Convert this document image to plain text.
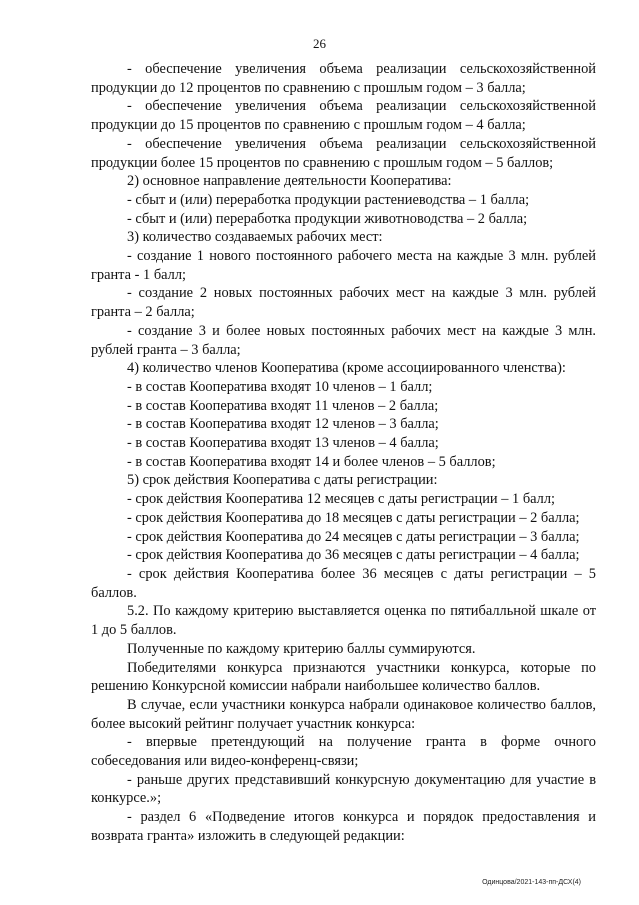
26

- обеспечение увеличения объема реализации сельскохозяйственной продукции до 12 процентов по сравнению с прошлым годом – 3 балла;

- обеспечение увеличения объема реализации сельскохозяйственной продукции до 15 процентов по сравнению с прошлым годом – 4 балла;

- обеспечение увеличения объема реализации сельскохозяйственной продукции более 15 процентов по сравнению с прошлым годом – 5 баллов;

2) основное направление деятельности Кооператива:

- сбыт и (или) переработка продукции растениеводства – 1 балла;

- сбыт и (или) переработка продукции животноводства – 2 балла;

3) количество создаваемых рабочих мест:

- создание 1 нового постоянного рабочего места на каждые 3 млн. рублей гранта - 1 балл;

- создание 2 новых постоянных рабочих мест на каждые 3 млн. рублей гранта – 2 балла;

- создание 3 и более новых постоянных рабочих мест на каждые 3 млн. рублей гранта – 3 балла;

4) количество членов Кооператива (кроме ассоциированного членства):

- в состав Кооператива входят 10 членов – 1 балл;

- в состав Кооператива входят 11 членов – 2 балла;

- в состав Кооператива входят 12 членов – 3 балла;

- в состав Кооператива входят 13 членов – 4 балла;

- в состав Кооператива входят 14 и более членов – 5 баллов;

5) срок действия Кооператива с даты регистрации:

- срок действия Кооператива 12 месяцев с даты регистрации – 1 балл;

- срок действия Кооператива до 18 месяцев с даты регистрации – 2 балла;

- срок действия Кооператива до 24 месяцев с даты регистрации – 3 балла;

- срок действия Кооператива до 36 месяцев с даты регистрации – 4 балла;

- срок действия Кооператива более 36 месяцев с даты регистрации – 5 баллов.

5.2. По каждому критерию выставляется оценка по пятибалльной шкале от 1 до 5 баллов.

Полученные по каждому критерию баллы суммируются.

Победителями конкурса признаются участники конкурса, которые по решению Конкурсной комиссии набрали наибольшее количество баллов.

В случае, если участники конкурса набрали одинаковое количество баллов, более высокий рейтинг получает участник конкурса:

- впервые претендующий на получение гранта в форме очного собеседования или видео-конференц-связи;

- раньше других представивший конкурсную документацию для участие в конкурсе.»;

- раздел 6 «Подведение итогов конкурса и порядок предоставления и возврата гранта» изложить в следующей редакции:

Одинцова/2021-143-пп-ДСХ(4)
